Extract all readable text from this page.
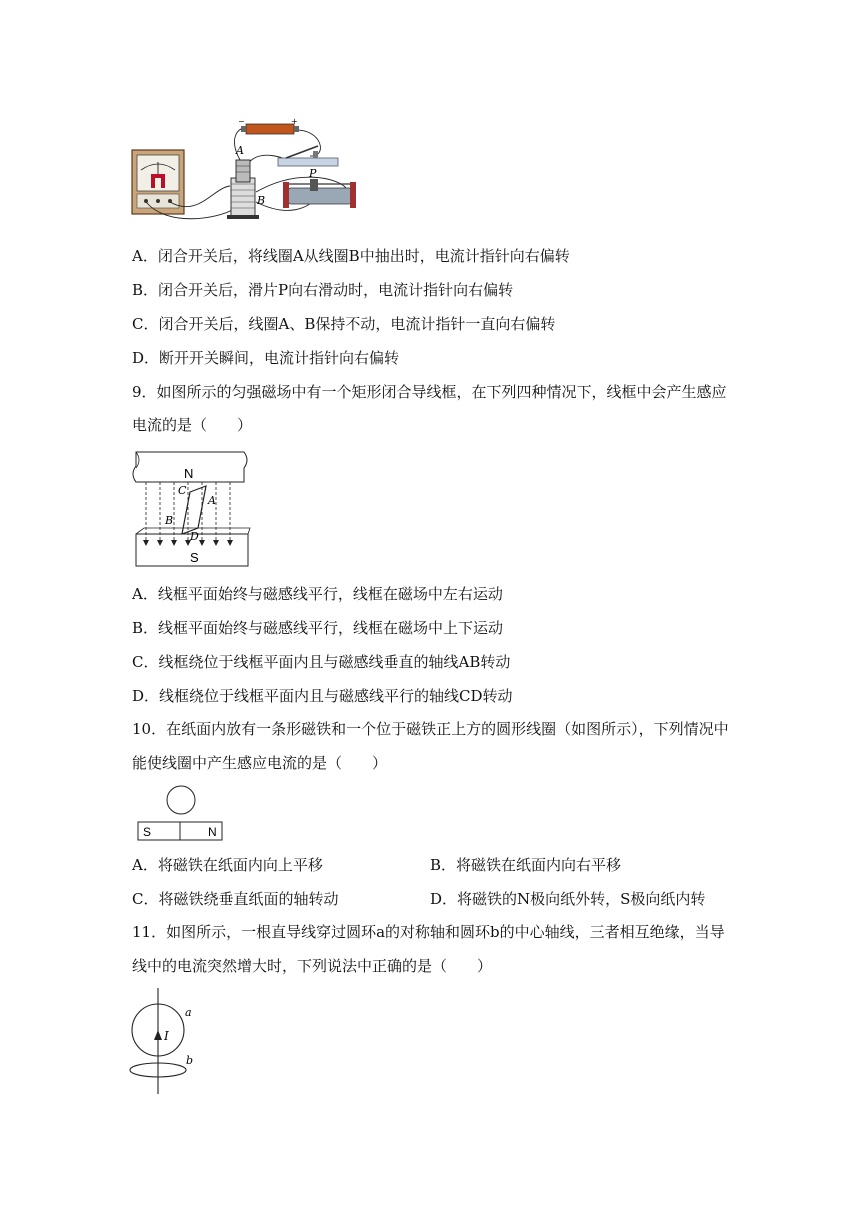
A
B
−	+
P
A．闭合开关后，将线圈A从线圈B中抽出时，电流计指针向右偏转
B．闭合开关后，滑片P向右滑动时，电流计指针向右偏转
C．闭合开关后，线圈A、B保持不动，电流计指针一直向右偏转
D．断开开关瞬间，电流计指针向右偏转
9．如图所示的匀强磁场中有一个矩形闭合导线框，在下列四种情况下，线框中会产生感应
电流的是（　　）
N
S
C
A
B
D
A．线框平面始终与磁感线平行，线框在磁场中左右运动
B．线框平面始终与磁感线平行，线框在磁场中上下运动
C．线框绕位于线框平面内且与磁感线垂直的轴线AB转动
D．线框绕位于线框平面内且与磁感线平行的轴线CD转动
10．在纸面内放有一条形磁铁和一个位于磁铁正上方的圆形线圈（如图所示），下列情况中
能使线圈中产生感应电流的是（　　）
S	N
A．将磁铁在纸面内向上平移	B．将磁铁在纸面内向右平移
C．将磁铁绕垂直纸面的轴转动	D．将磁铁的N极向纸外转，S极向纸内转
11．如图所示，一根直导线穿过圆环a的对称轴和圆环b的中心轴线，三者相互绝缘，当导
线中的电流突然增大时，下列说法中正确的是（　　）
I
a
b
